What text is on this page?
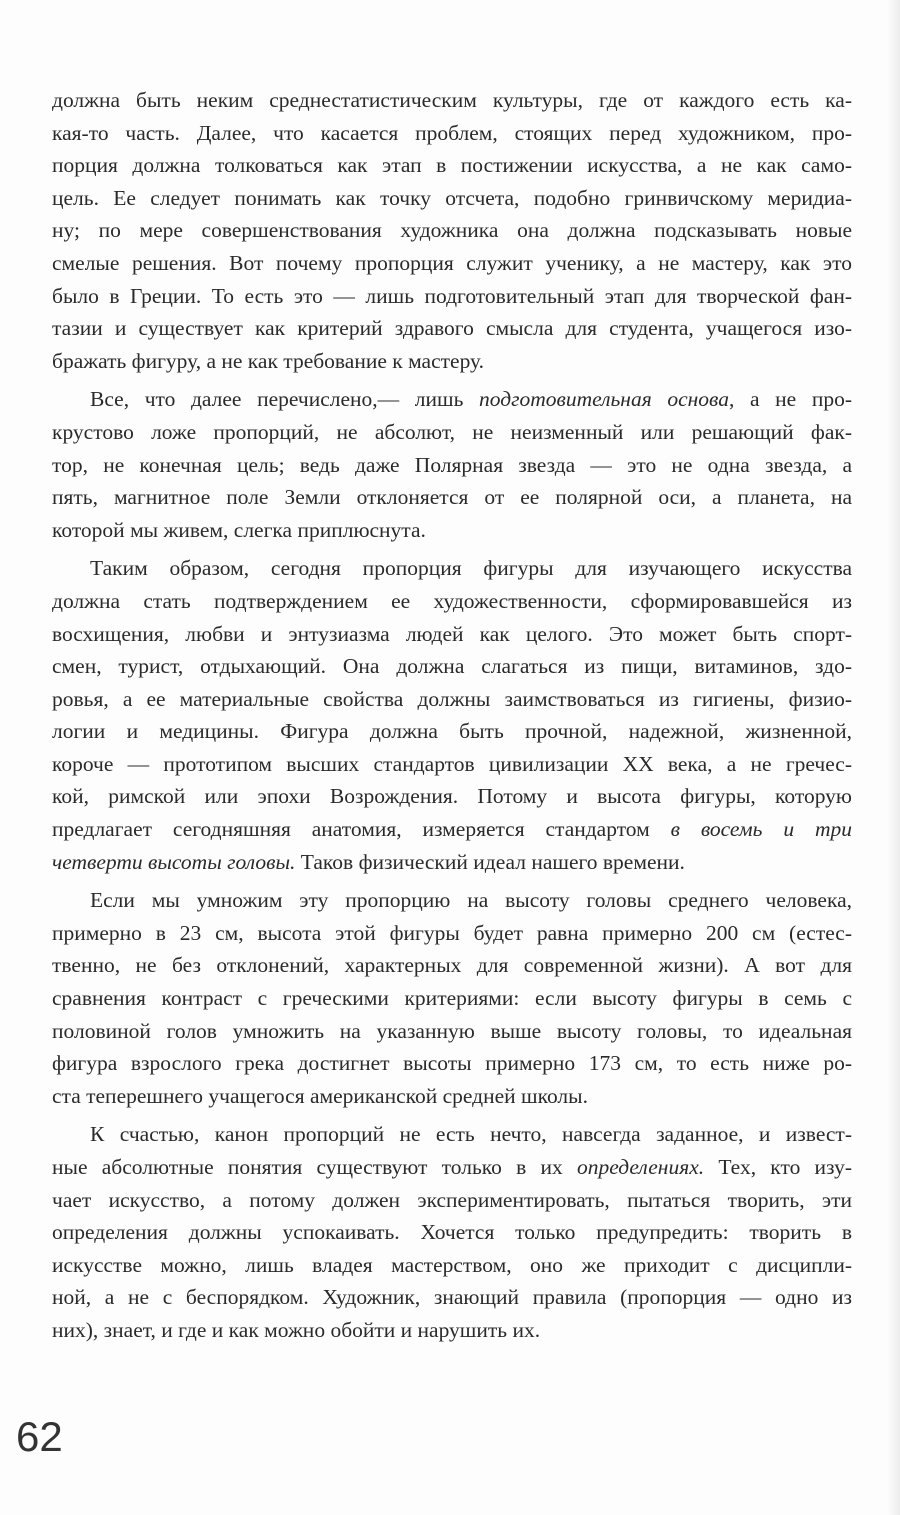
должна быть неким среднестатистическим культуры, где от каждого есть ка-
кая-то часть. Далее, что касается проблем, стоящих перед художником, про-
порция должна толковаться как этап в постижении искусства, а не как само-
цель. Ее следует понимать как точку отсчета, подобно гринвичскому меридиа-
ну; по мере совершенствования художника она должна подсказывать новые
смелые решения. Вот почему пропорция служит ученику, а не мастеру, как это
было в Греции. То есть это — лишь подготовительный этап для творческой фан-
тазии и существует как критерий здравого смысла для студента, учащегося изо-
бражать фигуру, а не как требование к мастеру.
Все, что далее перечислено,— лишь подготовительная основа, а не про-
крустово ложе пропорций, не абсолют, не неизменный или решающий фак-
тор, не конечная цель; ведь даже Полярная звезда — это не одна звезда, а
пять, магнитное поле Земли отклоняется от ее полярной оси, а планета, на
которой мы живем, слегка приплюснута.
Таким образом, сегодня пропорция фигуры для изучающего искусства
должна стать подтверждением ее художественности, сформировавшейся из
восхищения, любви и энтузиазма людей как целого. Это может быть спорт-
смен, турист, отдыхающий. Она должна слагаться из пищи, витаминов, здо-
ровья, а ее материальные свойства должны заимствоваться из гигиены, физио-
логии и медицины. Фигура должна быть прочной, надежной, жизненной,
короче — прототипом высших стандартов цивилизации XX века, а не гречес-
кой, римской или эпохи Возрождения. Потому и высота фигуры, которую
предлагает сегодняшняя анатомия, измеряется стандартом в восемь и три
четверти высоты головы. Таков физический идеал нашего времени.
Если мы умножим эту пропорцию на высоту головы среднего человека,
примерно в 23 см, высота этой фигуры будет равна примерно 200 см (естес-
твенно, не без отклонений, характерных для современной жизни). А вот для
сравнения контраст с греческими критериями: если высоту фигуры в семь с
половиной голов умножить на указанную выше высоту головы, то идеальная
фигура взрослого грека достигнет высоты примерно 173 см, то есть ниже ро-
ста теперешнего учащегося американской средней школы.
К счастью, канон пропорций не есть нечто, навсегда заданное, и извест-
ные абсолютные понятия существуют только в их определениях. Тех, кто изу-
чает искусство, а потому должен экспериментировать, пытаться творить, эти
определения должны успокаивать. Хочется только предупредить: творить в
искусстве можно, лишь владея мастерством, оно же приходит с дисципли-
ной, а не с беспорядком. Художник, знающий правила (пропорция — одно из
них), знает, и где и как можно обойти и нарушить их.
62
